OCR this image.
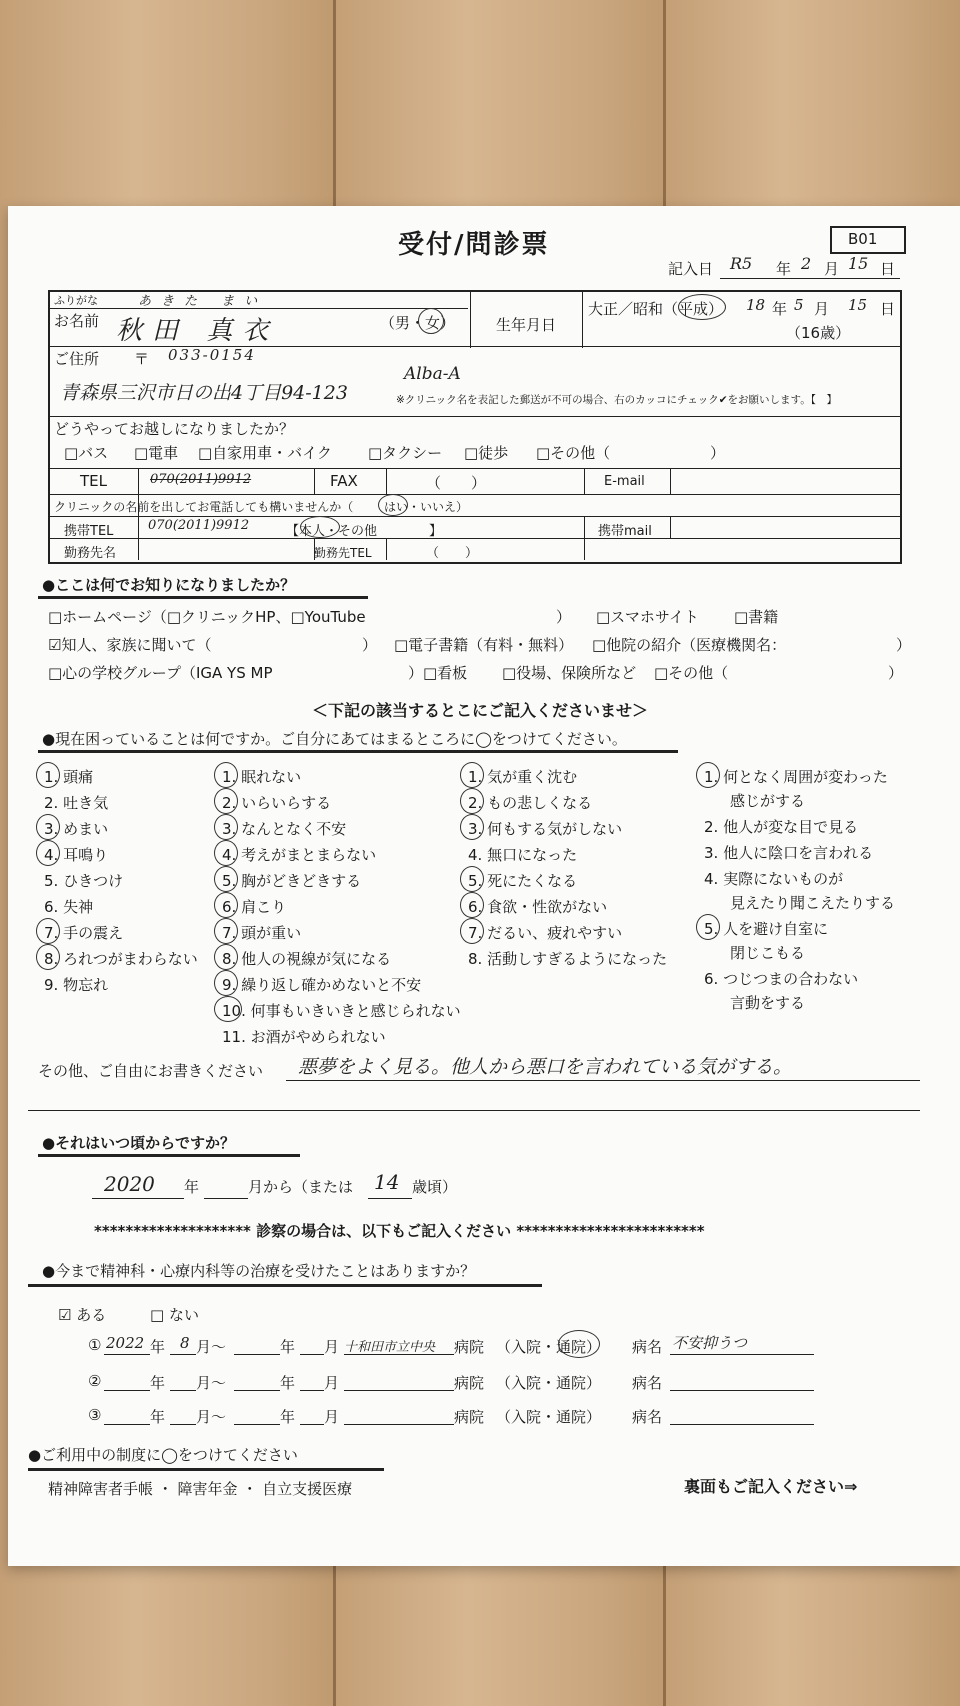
受付/問診票	B01
記入日 R5 年 2 月 15 日
ふりがな	あきた まい
お名前 秋田 真衣	（男・女）	生年月日
大正／昭和（平成） 18 年 5 月 15 日
（16歳）
ご住所 〒 033-0154
青森県三沢市日の出4丁目94-123
Alba-A
※クリニック名を表記した郵送が不可の場合、右のカッコにチェック✔をお願いします。【　】
どうやってお越しになりましたか？
□バス □電車 □自家用車・バイク □タクシー □徒歩 □その他（	）
TEL	070(2011)9912	FAX	（　　）	E-mail
クリニックの名前を出してお電話しても構いませんか（	はい ・いいえ）
携帯TEL	070(2011)9912	【本人・その他　　　　】	携帯mail
勤務先名	勤務先TEL	（　　）
●ここは何でお知りになりましたか？
□ホームページ（□クリニックHP、□YouTube	） □スマホサイト □書籍
☑知人、家族に聞いて（	） □電子書籍（有料・無料） □他院の紹介（医療機関名：	）
□心の学校グループ（IGA YS MP	）□看板 □役場、保険所など □その他（	）
＜下記の該当するとこにご記入くださいませ＞
●現在困っていることは何ですか。ご自分にあてはまるところに◯をつけてください。
1. 頭痛
2. 吐き気
3. めまい
4. 耳鳴り
5. ひきつけ
6. 失神
7. 手の震え
8. ろれつがまわらない
9. 物忘れ
1. 眠れない
2. いらいらする
3. なんとなく不安
4. 考えがまとまらない
5. 胸がどきどきする
6. 肩こり
7. 頭が重い
8. 他人の視線が気になる
9. 繰り返し確かめないと不安
10. 何事もいきいきと感じられない
11. お酒がやめられない
1. 気が重く沈む
2. もの悲しくなる
3. 何もする気がしない
4. 無口になった
5. 死にたくなる
6. 食欲・性欲がない
7. だるい、疲れやすい
8. 活動しすぎるようになった
1. 何となく周囲が変わった
感じがする
2. 他人が変な目で見る
3. 他人に陰口を言われる
4. 実際にないものが
見えたり聞こえたりする
5. 人を避け自室に
閉じこもる
6. つじつまの合わない
言動をする
その他、ご自由にお書きください 悪夢をよく見る。他人から悪口を言われている気がする。
●それはいつ頃からですか？
2020 年	月から（または 14 歳頃）
******************** 診察の場合は、以下もご記入ください ************************
●今まで精神科・心療内科等の治療を受けたことはありますか？
☑ ある	□ ない
① 2022 年 8 月～	年 月 十和田市立中央 病院 （入院・通院） 病名 不安抑うつ
②	年 月～	年 月	病院 （入院・通院） 病名
③	年 月～	年 月	病院 （入院・通院） 病名
●ご利用中の制度に◯をつけてください
精神障害者手帳 ・ 障害年金 ・ 自立支援医療	裏面もご記入ください⇒
